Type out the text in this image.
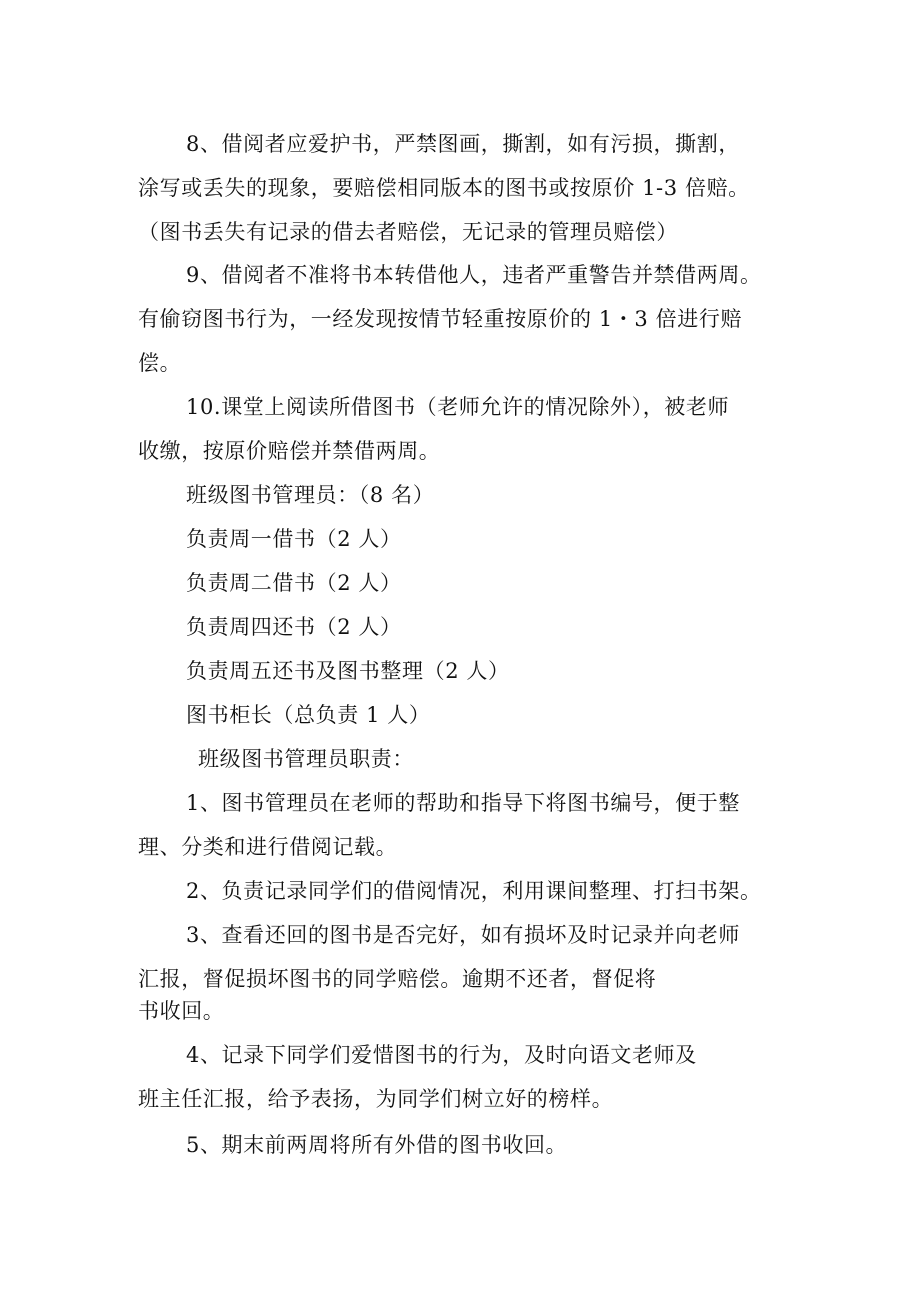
8、借阅者应爱护书，严禁图画，撕割，如有污损，撕割，
涂写或丢失的现象，要赔偿相同版本的图书或按原价 1-3 倍赔。
（图书丢失有记录的借去者赔偿，无记录的管理员赔偿）
9、借阅者不准将书本转借他人，违者严重警告并禁借两周。
有偷窃图书行为，一经发现按情节轻重按原价的 1・3 倍进行赔
偿。
10.课堂上阅读所借图书（老师允许的情况除外），被老师
收缴，按原价赔偿并禁借两周。
班级图书管理员：（8 名）
负责周一借书（2 人）
负责周二借书（2 人）
负责周四还书（2 人）
负责周五还书及图书整理（2 人）
图书柜长（总负责 1 人）
班级图书管理员职责：
1、图书管理员在老师的帮助和指导下将图书编号，便于整
理、分类和进行借阅记载。
2、负责记录同学们的借阅情况，利用课间整理、打扫书架。
3、查看还回的图书是否完好，如有损坏及时记录并向老师
汇报，督促损坏图书的同学赔偿。逾期不还者，督促将
书收回。
4、记录下同学们爱惜图书的行为，及时向语文老师及
班主任汇报，给予表扬，为同学们树立好的榜样。
5、期末前两周将所有外借的图书收回。
